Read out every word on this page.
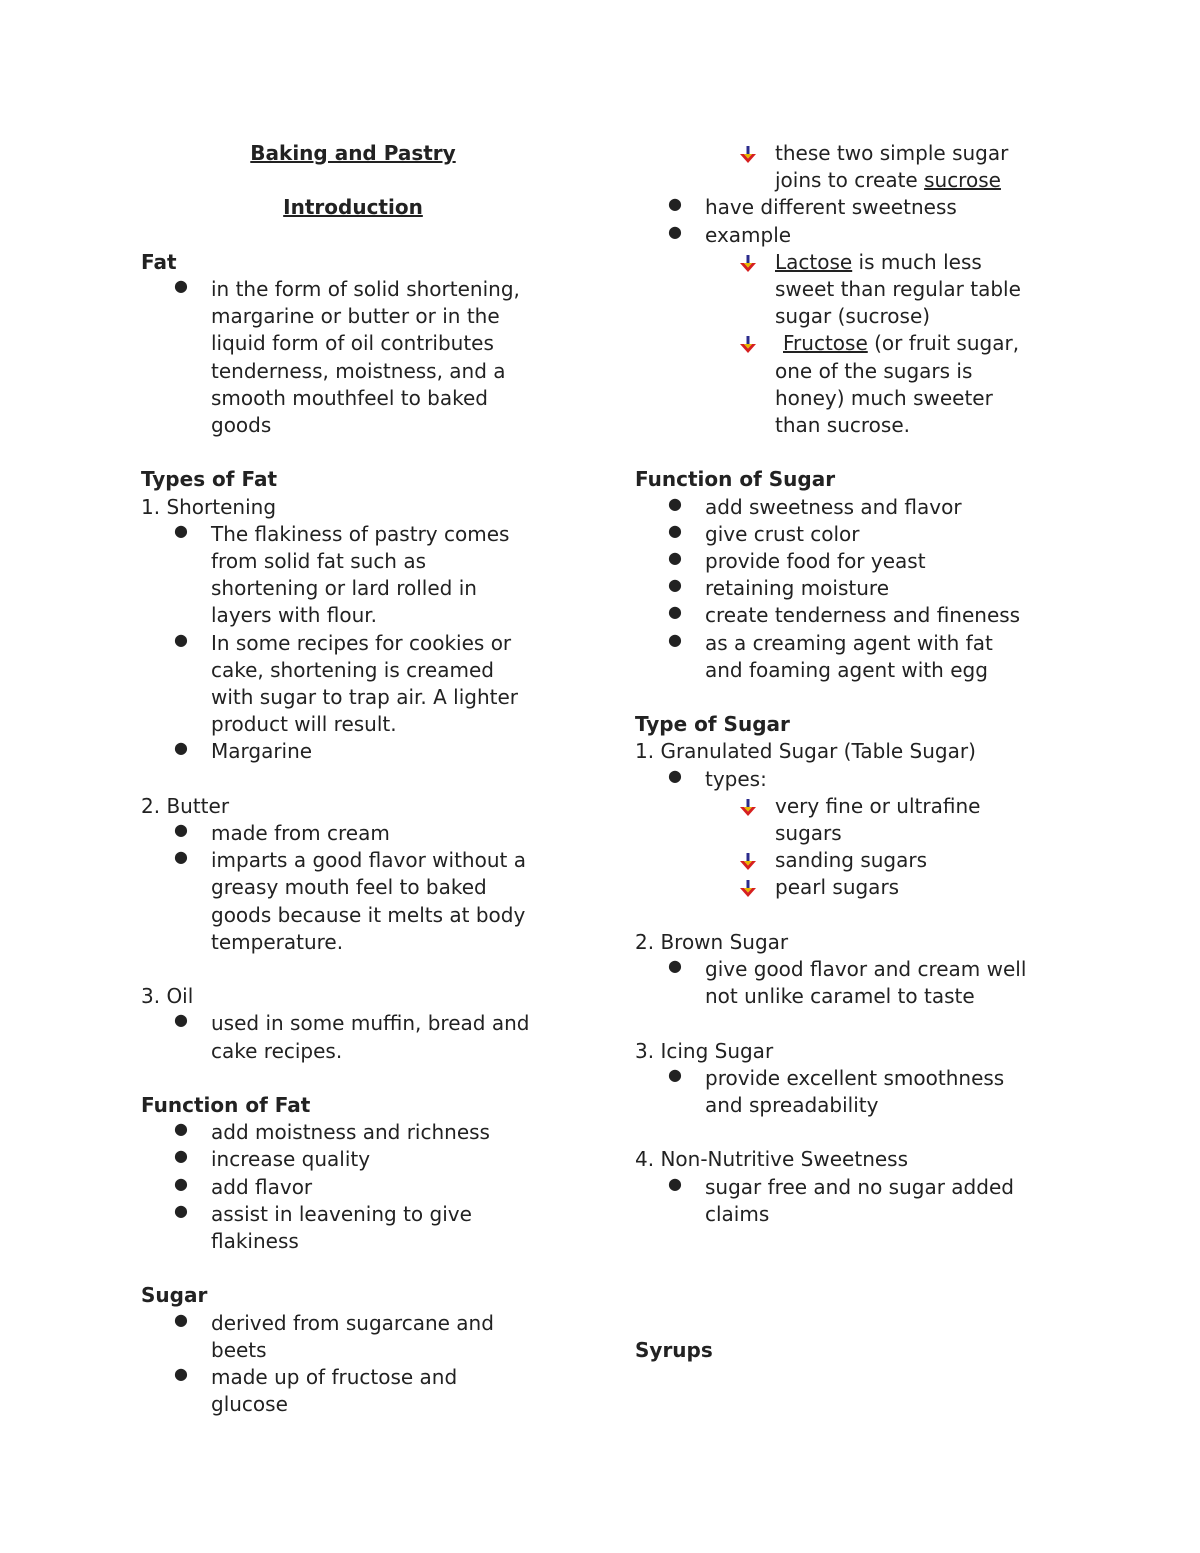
Baking and Pastry
Introduction
Fat
● in the form of solid shortening,
margarine or butter or in the
liquid form of oil contributes
tenderness, moistness, and a
smooth mouthfeel to baked
goods
Types of Fat
1. Shortening
● The flakiness of pastry comes
from solid fat such as
shortening or lard rolled in
layers with flour.
● In some recipes for cookies or
cake, shortening is creamed
with sugar to trap air. A lighter
product will result.
● Margarine
2. Butter
● made from cream
● imparts a good flavor without a
greasy mouth feel to baked
goods because it melts at body
temperature.
3. Oil
● used in some muffin, bread and
cake recipes.
Function of Fat
● add moistness and richness
● increase quality
● add flavor
● assist in leavening to give
flakiness
Sugar
● derived from sugarcane and
beets
● made up of fructose and
glucose
these two simple sugar
joins to create sucrose
● have different sweetness
● example
Lactose is much less
sweet than regular table
sugar (sucrose)
Fructose (or fruit sugar,
one of the sugars is
honey) much sweeter
than sucrose.
Function of Sugar
● add sweetness and flavor
● give crust color
● provide food for yeast
● retaining moisture
● create tenderness and fineness
● as a creaming agent with fat
and foaming agent with egg
Type of Sugar
1. Granulated Sugar (Table Sugar)
● types:
very fine or ultrafine
sugars
sanding sugars
pearl sugars
2. Brown Sugar
● give good flavor and cream well
not unlike caramel to taste
3. Icing Sugar
● provide excellent smoothness
and spreadability
4. Non-Nutritive Sweetness
● sugar free and no sugar added
claims
Syrups
